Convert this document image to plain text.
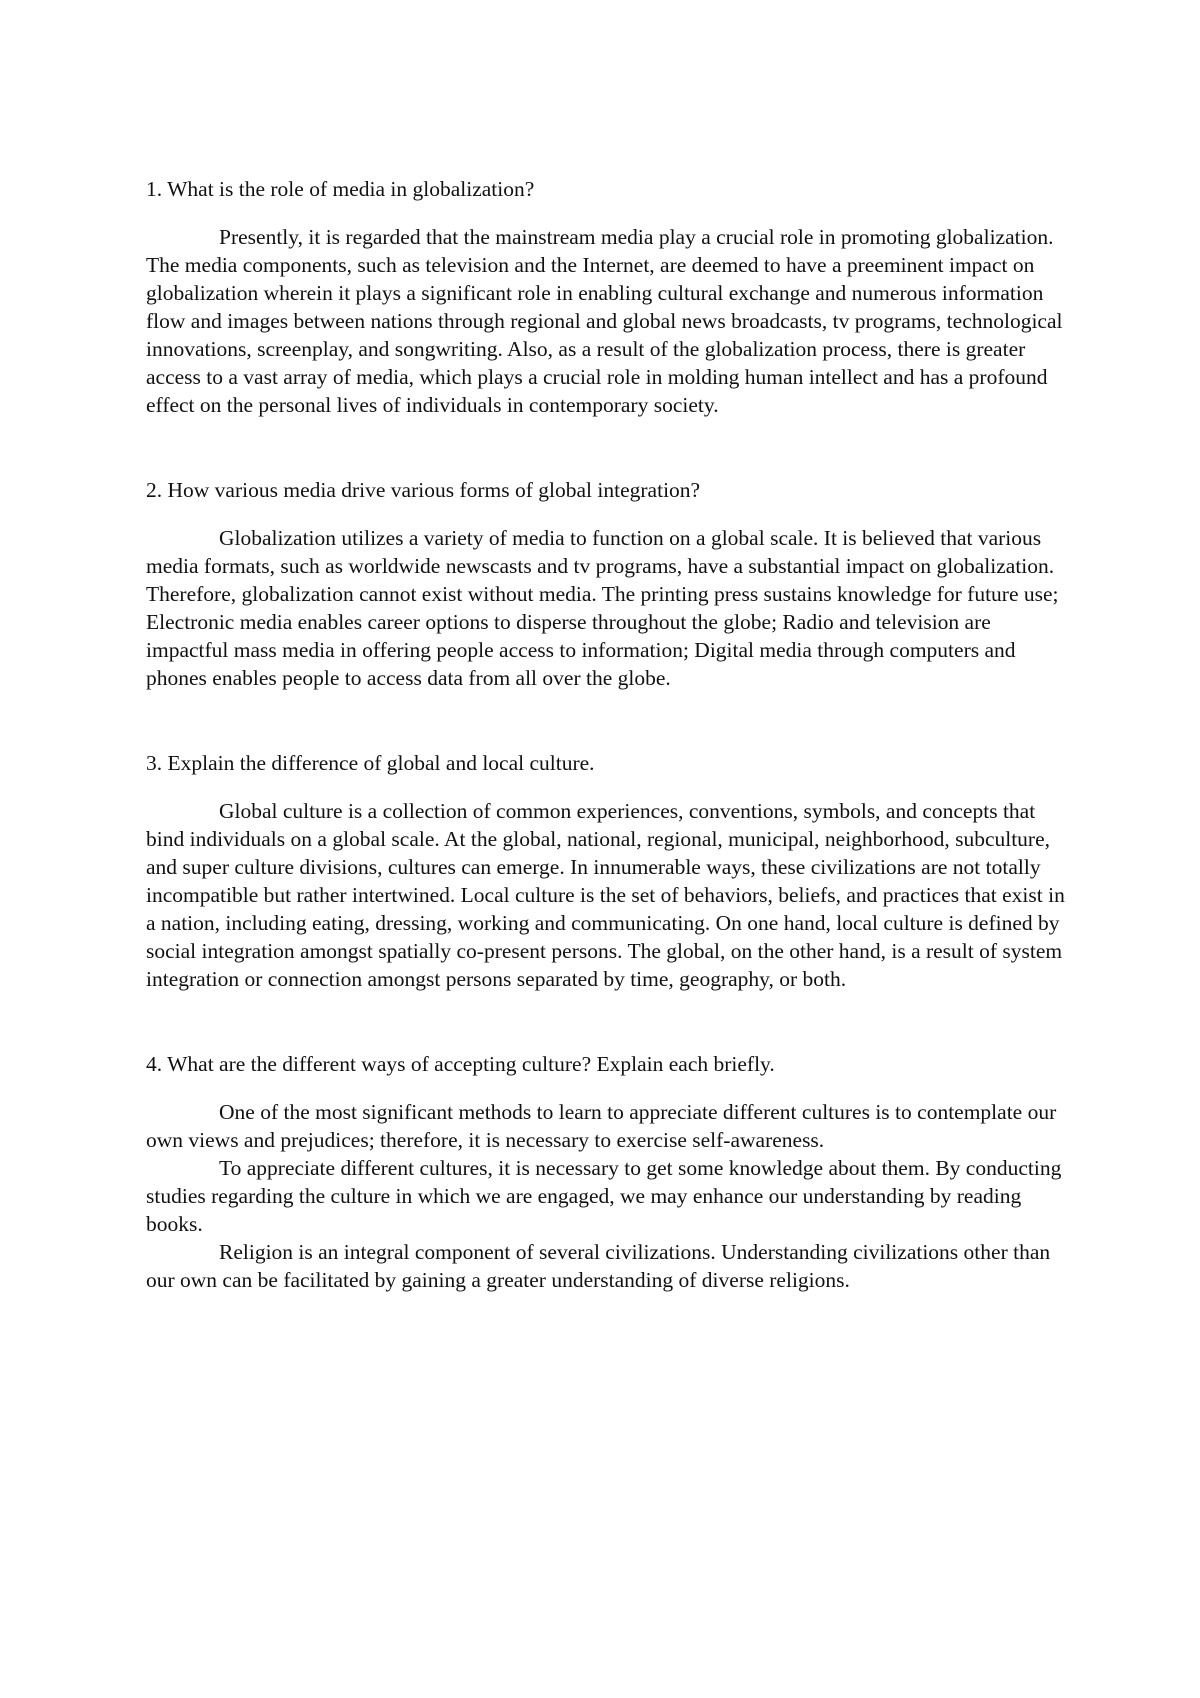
1. What is the role of media in globalization?

Presently, it is regarded that the mainstream media play a crucial role in promoting globalization. The media components, such as television and the Internet, are deemed to have a preeminent impact on globalization wherein it plays a significant role in enabling cultural exchange and numerous information flow and images between nations through regional and global news broadcasts, tv programs, technological innovations, screenplay, and songwriting. Also, as a result of the globalization process, there is greater access to a vast array of media, which plays a crucial role in molding human intellect and has a profound effect on the personal lives of individuals in contemporary society.

2. How various media drive various forms of global integration?

Globalization utilizes a variety of media to function on a global scale. It is believed that various media formats, such as worldwide newscasts and tv programs, have a substantial impact on globalization. Therefore, globalization cannot exist without media. The printing press sustains knowledge for future use; Electronic media enables career options to disperse throughout the globe; Radio and television are impactful mass media in offering people access to information; Digital media through computers and phones enables people to access data from all over the globe.

3. Explain the difference of global and local culture.

Global culture is a collection of common experiences, conventions, symbols, and concepts that bind individuals on a global scale. At the global, national, regional, municipal, neighborhood, subculture, and super culture divisions, cultures can emerge. In innumerable ways, these civilizations are not totally incompatible but rather intertwined. Local culture is the set of behaviors, beliefs, and practices that exist in a nation, including eating, dressing, working and communicating. On one hand, local culture is defined by social integration amongst spatially co-present persons. The global, on the other hand, is a result of system integration or connection amongst persons separated by time, geography, or both.

4. What are the different ways of accepting culture? Explain each briefly.

One of the most significant methods to learn to appreciate different cultures is to contemplate our own views and prejudices; therefore, it is necessary to exercise self-awareness.

To appreciate different cultures, it is necessary to get some knowledge about them. By conducting studies regarding the culture in which we are engaged, we may enhance our understanding by reading books.

Religion is an integral component of several civilizations. Understanding civilizations other than our own can be facilitated by gaining a greater understanding of diverse religions.
